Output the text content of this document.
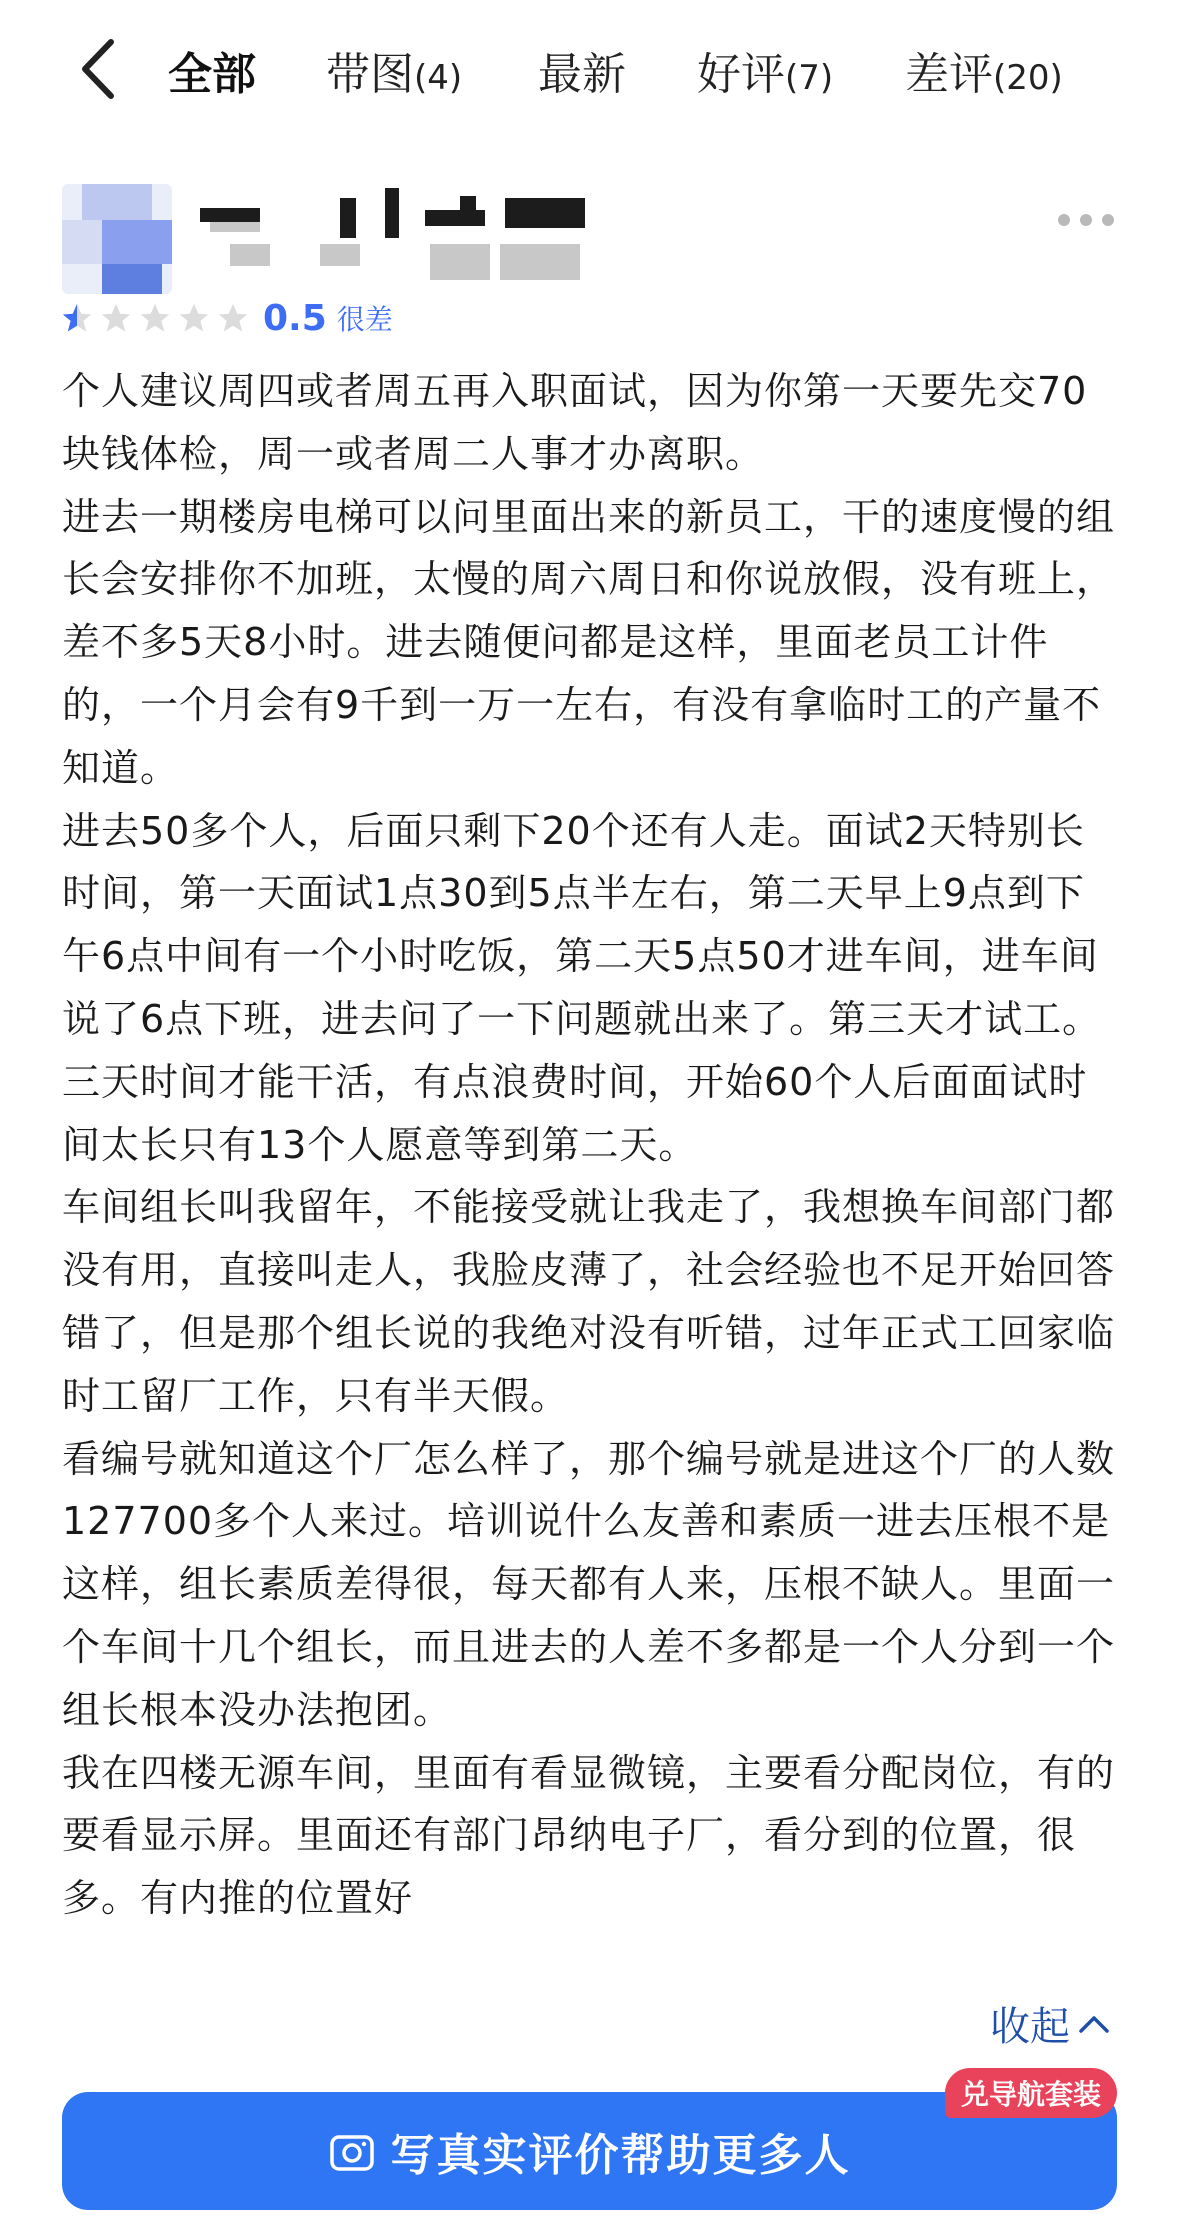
全部 带图(4) 最新 好评(7) 差评(20)
0.5 很差

个人建议周四或者周五再入职面试，因为你第一天要先交70块钱体检，周一或者周二人事才办离职。

进去一期楼房电梯可以问里面出来的新员工，干的速度慢的组长会安排你不加班，太慢的周六周日和你说放假，没有班上，差不多5天8小时。进去随便问都是这样，里面老员工计件的，一个月会有9千到一万一左右，有没有拿临时工的产量不知道。

进去50多个人，后面只剩下20个还有人走。面试2天特别长时间，第一天面试1点30到5点半左右，第二天早上9点到下午6点中间有一个小时吃饭，第二天5点50才进车间，进车间说了6点下班，进去问了一下问题就出来了。第三天才试工。三天时间才能干活，有点浪费时间，开始60个人后面面试时间太长只有13个人愿意等到第二天。

车间组长叫我留年，不能接受就让我走了，我想换车间部门都没有用，直接叫走人，我脸皮薄了，社会经验也不足开始回答错了，但是那个组长说的我绝对没有听错，过年正式工回家临时工留厂工作，只有半天假。

看编号就知道这个厂怎么样了，那个编号就是进这个厂的人数127700多个人来过。培训说什么友善和素质一进去压根不是这样，组长素质差得很，每天都有人来，压根不缺人。里面一个车间十几个组长，而且进去的人差不多都是一个人分到一个组长根本没办法抱团。

我在四楼无源车间，里面有看显微镜，主要看分配岗位，有的要看显示屏。里面还有部门昂纳电子厂，看分到的位置，很多。有内推的位置好

收起
写真实评价帮助更多人
兑导航套装
